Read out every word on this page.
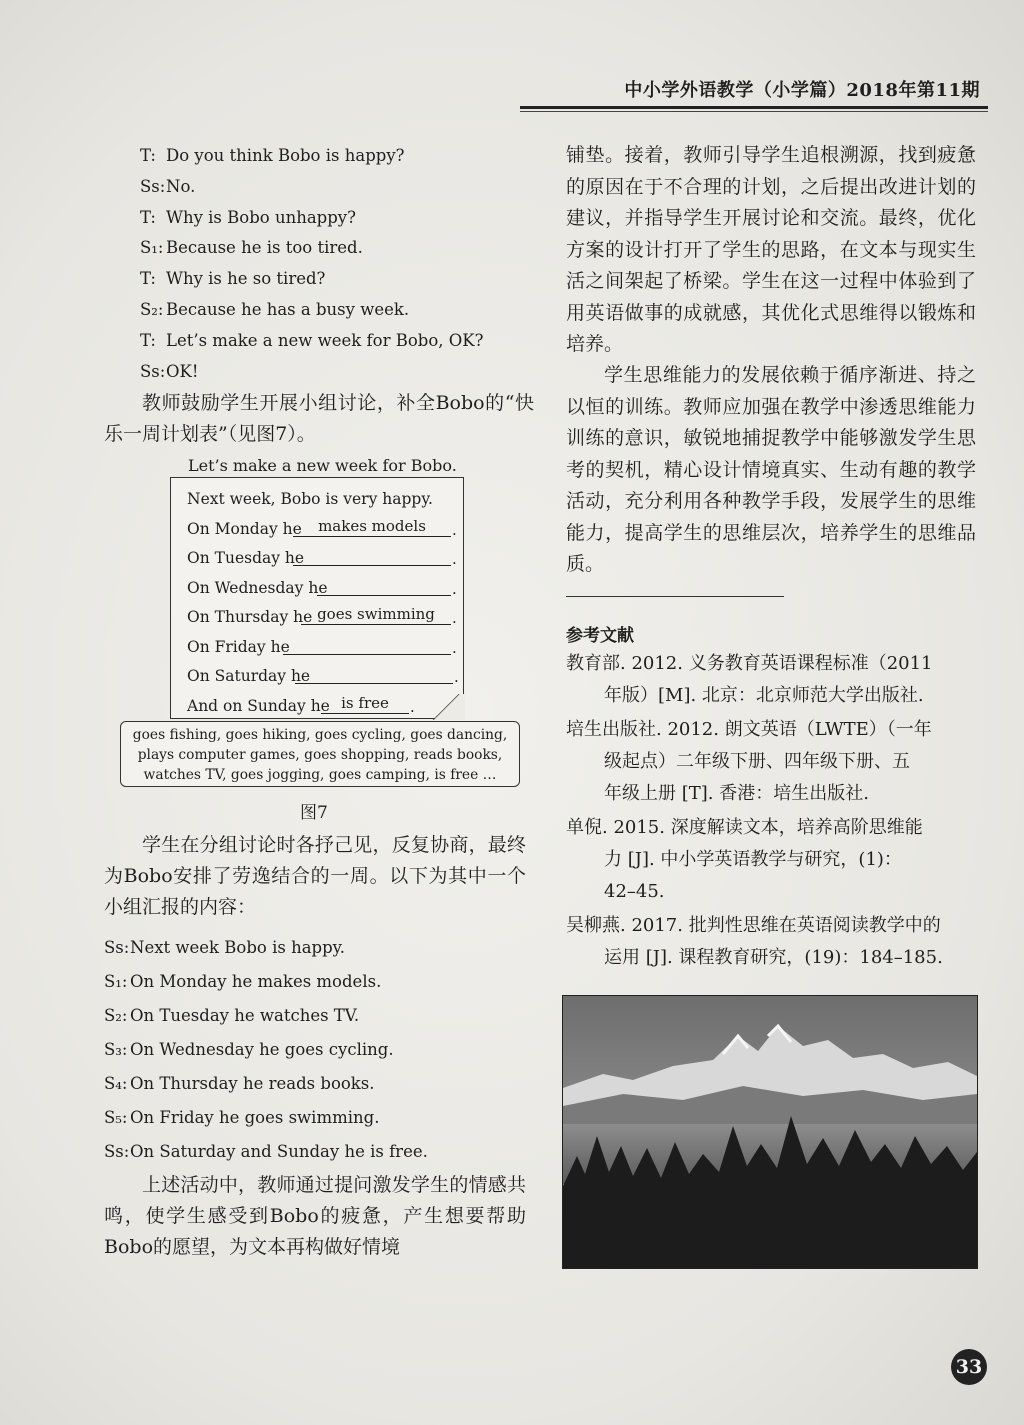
中小学外语教学（小学篇）2018年第11期
T: Do you think Bobo is happy?
Ss:No.
T: Why is Bobo unhappy?
S₁: Because he is too tired.
T: Why is he so tired?
S₂: Because he has a busy week.
T: Let’s make a new week for Bobo, OK?
Ss:OK!

教师鼓励学生开展小组讨论，补全Bobo的“快乐一周计划表”（见图7）。

Let’s make a new week for Bobo.
Next week, Bobo is very happy.
On Monday he	makes models	.
On Tuesday he	.
On Wednesday he	.
On Thursday he goes swimming	.
On Friday he	.
On Saturday he	.
And on Sunday he is free	.
goes fishing, goes hiking, goes cycling, goes dancing,
plays computer games, goes shopping, reads books,
watches TV, goes jogging, goes camping, is free …
图7

学生在分组讨论时各抒己见，反复协商，最终为Bobo安排了劳逸结合的一周。以下为其中一个小组汇报的内容：

Ss:Next week Bobo is happy.
S₁: On Monday he makes models.
S₂: On Tuesday he watches TV.
S₃: On Wednesday he goes cycling.
S₄: On Thursday he reads books.
S₅: On Friday he goes swimming.
Ss:On Saturday and Sunday he is free.

上述活动中，教师通过提问激发学生的情感共鸣，使学生感受到Bobo的疲惫，产生想要帮助Bobo的愿望，为文本再构做好情境

铺垫。接着，教师引导学生追根溯源，找到疲惫的原因在于不合理的计划，之后提出改进计划的建议，并指导学生开展讨论和交流。最终，优化方案的设计打开了学生的思路，在文本与现实生活之间架起了桥梁。学生在这一过程中体验到了用英语做事的成就感，其优化式思维得以锻炼和培养。

学生思维能力的发展依赖于循序渐进、持之以恒的训练。教师应加强在教学中渗透思维能力训练的意识，敏锐地捕捉教学中能够激发学生思考的契机，精心设计情境真实、生动有趣的教学活动，充分利用各种教学手段，发展学生的思维能力，提高学生的思维层次，培养学生的思维品质。

参考文献
教育部. 2012. 义务教育英语课程标准（2011
年版）[M]. 北京：北京师范大学出版社.
培生出版社. 2012. 朗文英语（LWTE）（一年
级起点）二年级下册、四年级下册、五
年级上册 [T]. 香港：培生出版社.
单倪. 2015. 深度解读文本，培养高阶思维能
力 [J]. 中小学英语教学与研究，(1)：
42–45.
吴柳燕. 2017. 批判性思维在英语阅读教学中的
运用 [J]. 课程教育研究，(19)：184–185.
33
